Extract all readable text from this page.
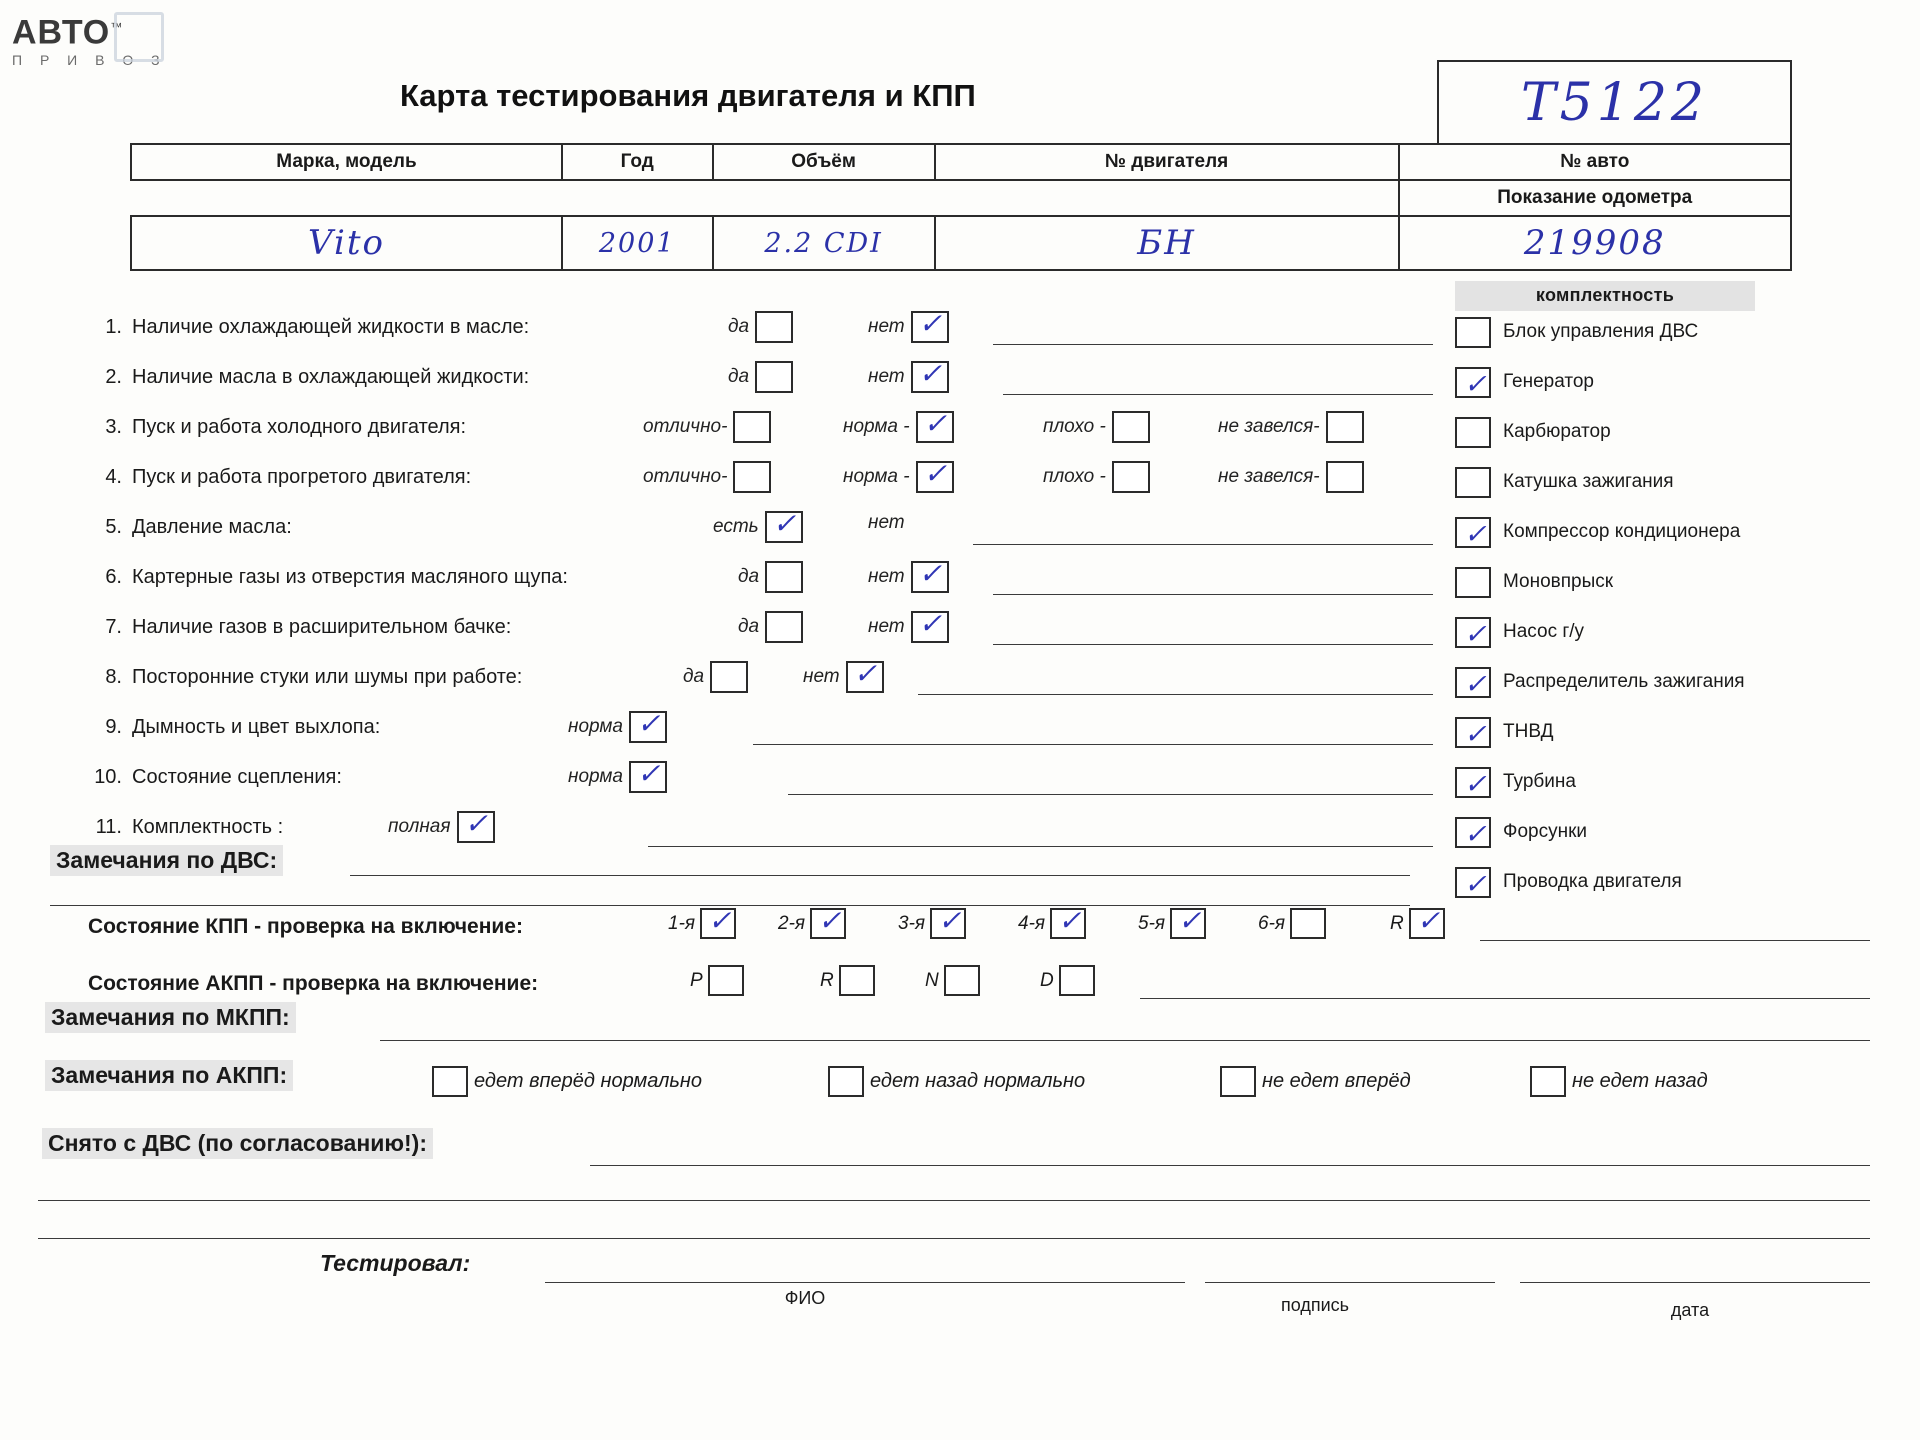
АВТО™
П Р И В О З
Карта тестирования двигателя и КПП	Т5122
Марка, модель	Год	Объём	№ двигателя	№ авто
				Показание одометра
Vito	2001	2.2 CDI	БН	219908
1. Наличие охлаждающей жидкости в масле:	да	нет ✓
2. Наличие масла в охлаждающей жидкости:	да	нет ✓
3. Пуск и работа холодного двигателя:	отлично-	норма - ✓	плохо -	не завелся-
4. Пуск и работа прогретого двигателя:	отлично-	норма - ✓	плохо -	не завелся-
5. Давление масла:	есть ✓	нет
6. Картерные газы из отверстия масляного щупа:	да	нет ✓
7. Наличие газов в расширительном бачке:	да	нет ✓
8. Посторонние стуки или шумы при работе:	да	нет ✓
9. Дымность и цвет выхлопа:	норма ✓
10. Состояние сцепления:	норма ✓
11. Комплектность :	полная ✓
комплектность
Блок управления ДВС
✓ Генератор
Карбюратор
Катушка зажигания
✓ Компрессор кондиционера
Моновпрыск
✓ Насос г/у
✓ Распределитель зажигания
✓ ТНВД
✓ Турбина
✓ Форсунки
✓ Проводка двигателя
Замечания по ДВС:
Состояние КПП - проверка на включение:	1-я ✓ 2-я ✓	3-я ✓	4-я ✓	5-я ✓	6-я	R ✓
Состояние АКПП - проверка на включение:	P	R	N	D
Замечания по МКПП:
Замечания по АКПП:	едет вперёд нормально	едет назад нормально	не едет вперёд	не едет назад
Снято с ДВС (по согласованию!):
Тестировал:
ФИО	подпись	дата
